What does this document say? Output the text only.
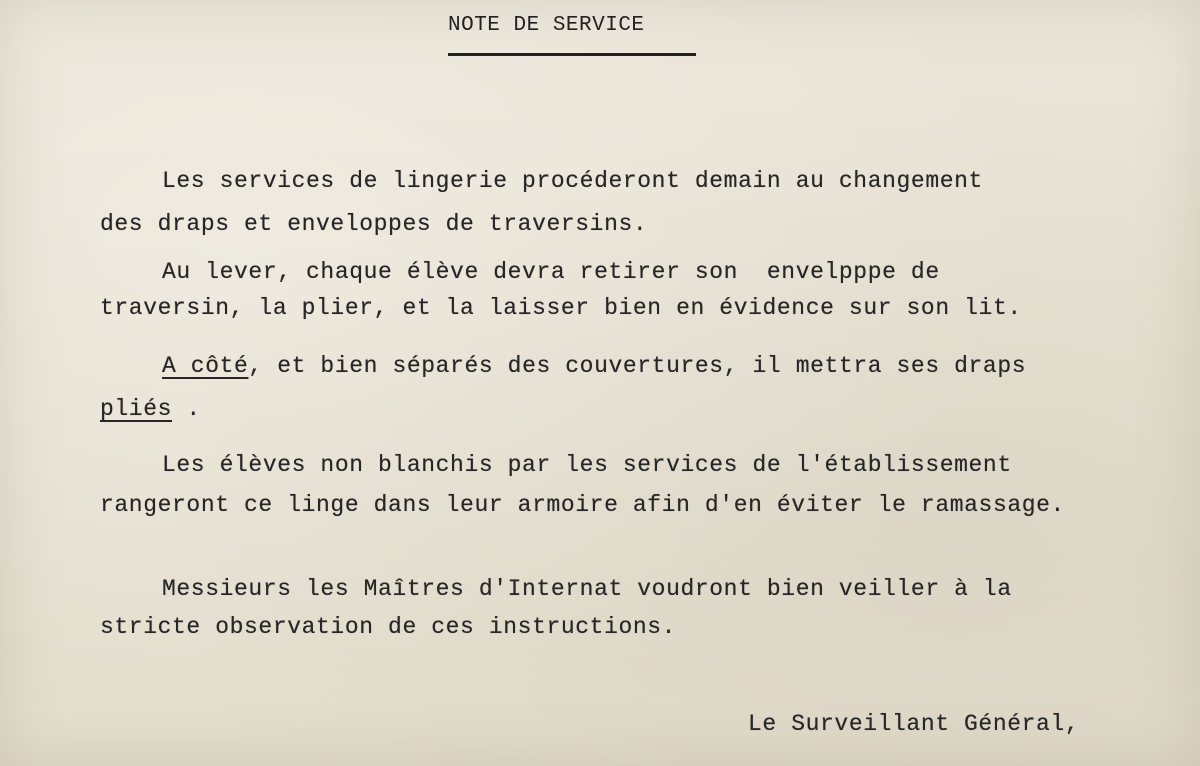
NOTE DE SERVICE
Les services de lingerie procéderont demain au changement
des draps et enveloppes de traversins.
Au lever, chaque élève devra retirer son  envelpppe de
traversin, la plier, et la laisser bien en évidence sur son lit.
A côté, et bien séparés des couvertures, il mettra ses draps
pliés .
Les élèves non blanchis par les services de l'établissement
rangeront ce linge dans leur armoire afin d'en éviter le ramassage.
Messieurs les Maîtres d'Internat voudront bien veiller à la
stricte observation de ces instructions.
Le Surveillant Général,
